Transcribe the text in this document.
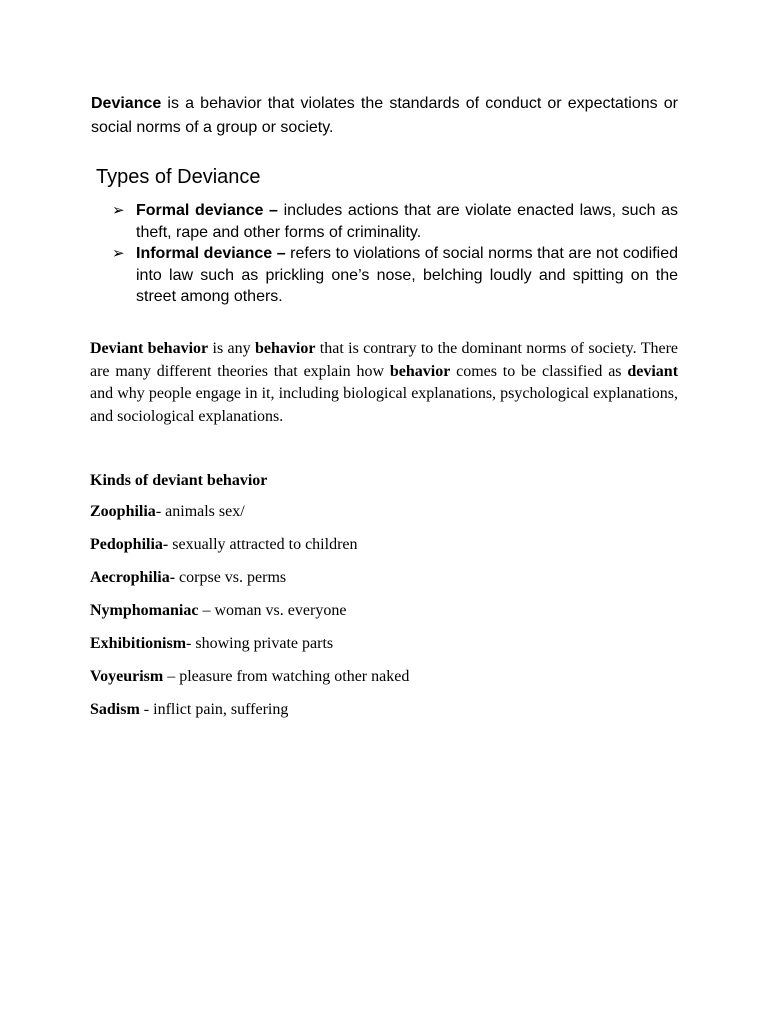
Deviance is a behavior that violates the standards of conduct or expectations or social norms of a group or society.

Types of Deviance
➢ Formal deviance – includes actions that are violate enacted laws, such as theft, rape and other forms of criminality.
➢ Informal deviance – refers to violations of social norms that are not codified into law such as prickling one’s nose, belching loudly and spitting on the street among others.

Deviant behavior is any behavior that is contrary to the dominant norms of society. There are many different theories that explain how behavior comes to be classified as deviant and why people engage in it, including biological explanations, psychological explanations, and sociological explanations.

Kinds of deviant behavior

Zoophilia- animals sex/
Pedophilia- sexually attracted to children
Aecrophilia- corpse vs. perms
Nymphomaniac – woman vs. everyone
Exhibitionism- showing private parts
Voyeurism – pleasure from watching other naked
Sadism - inflict pain, suffering
